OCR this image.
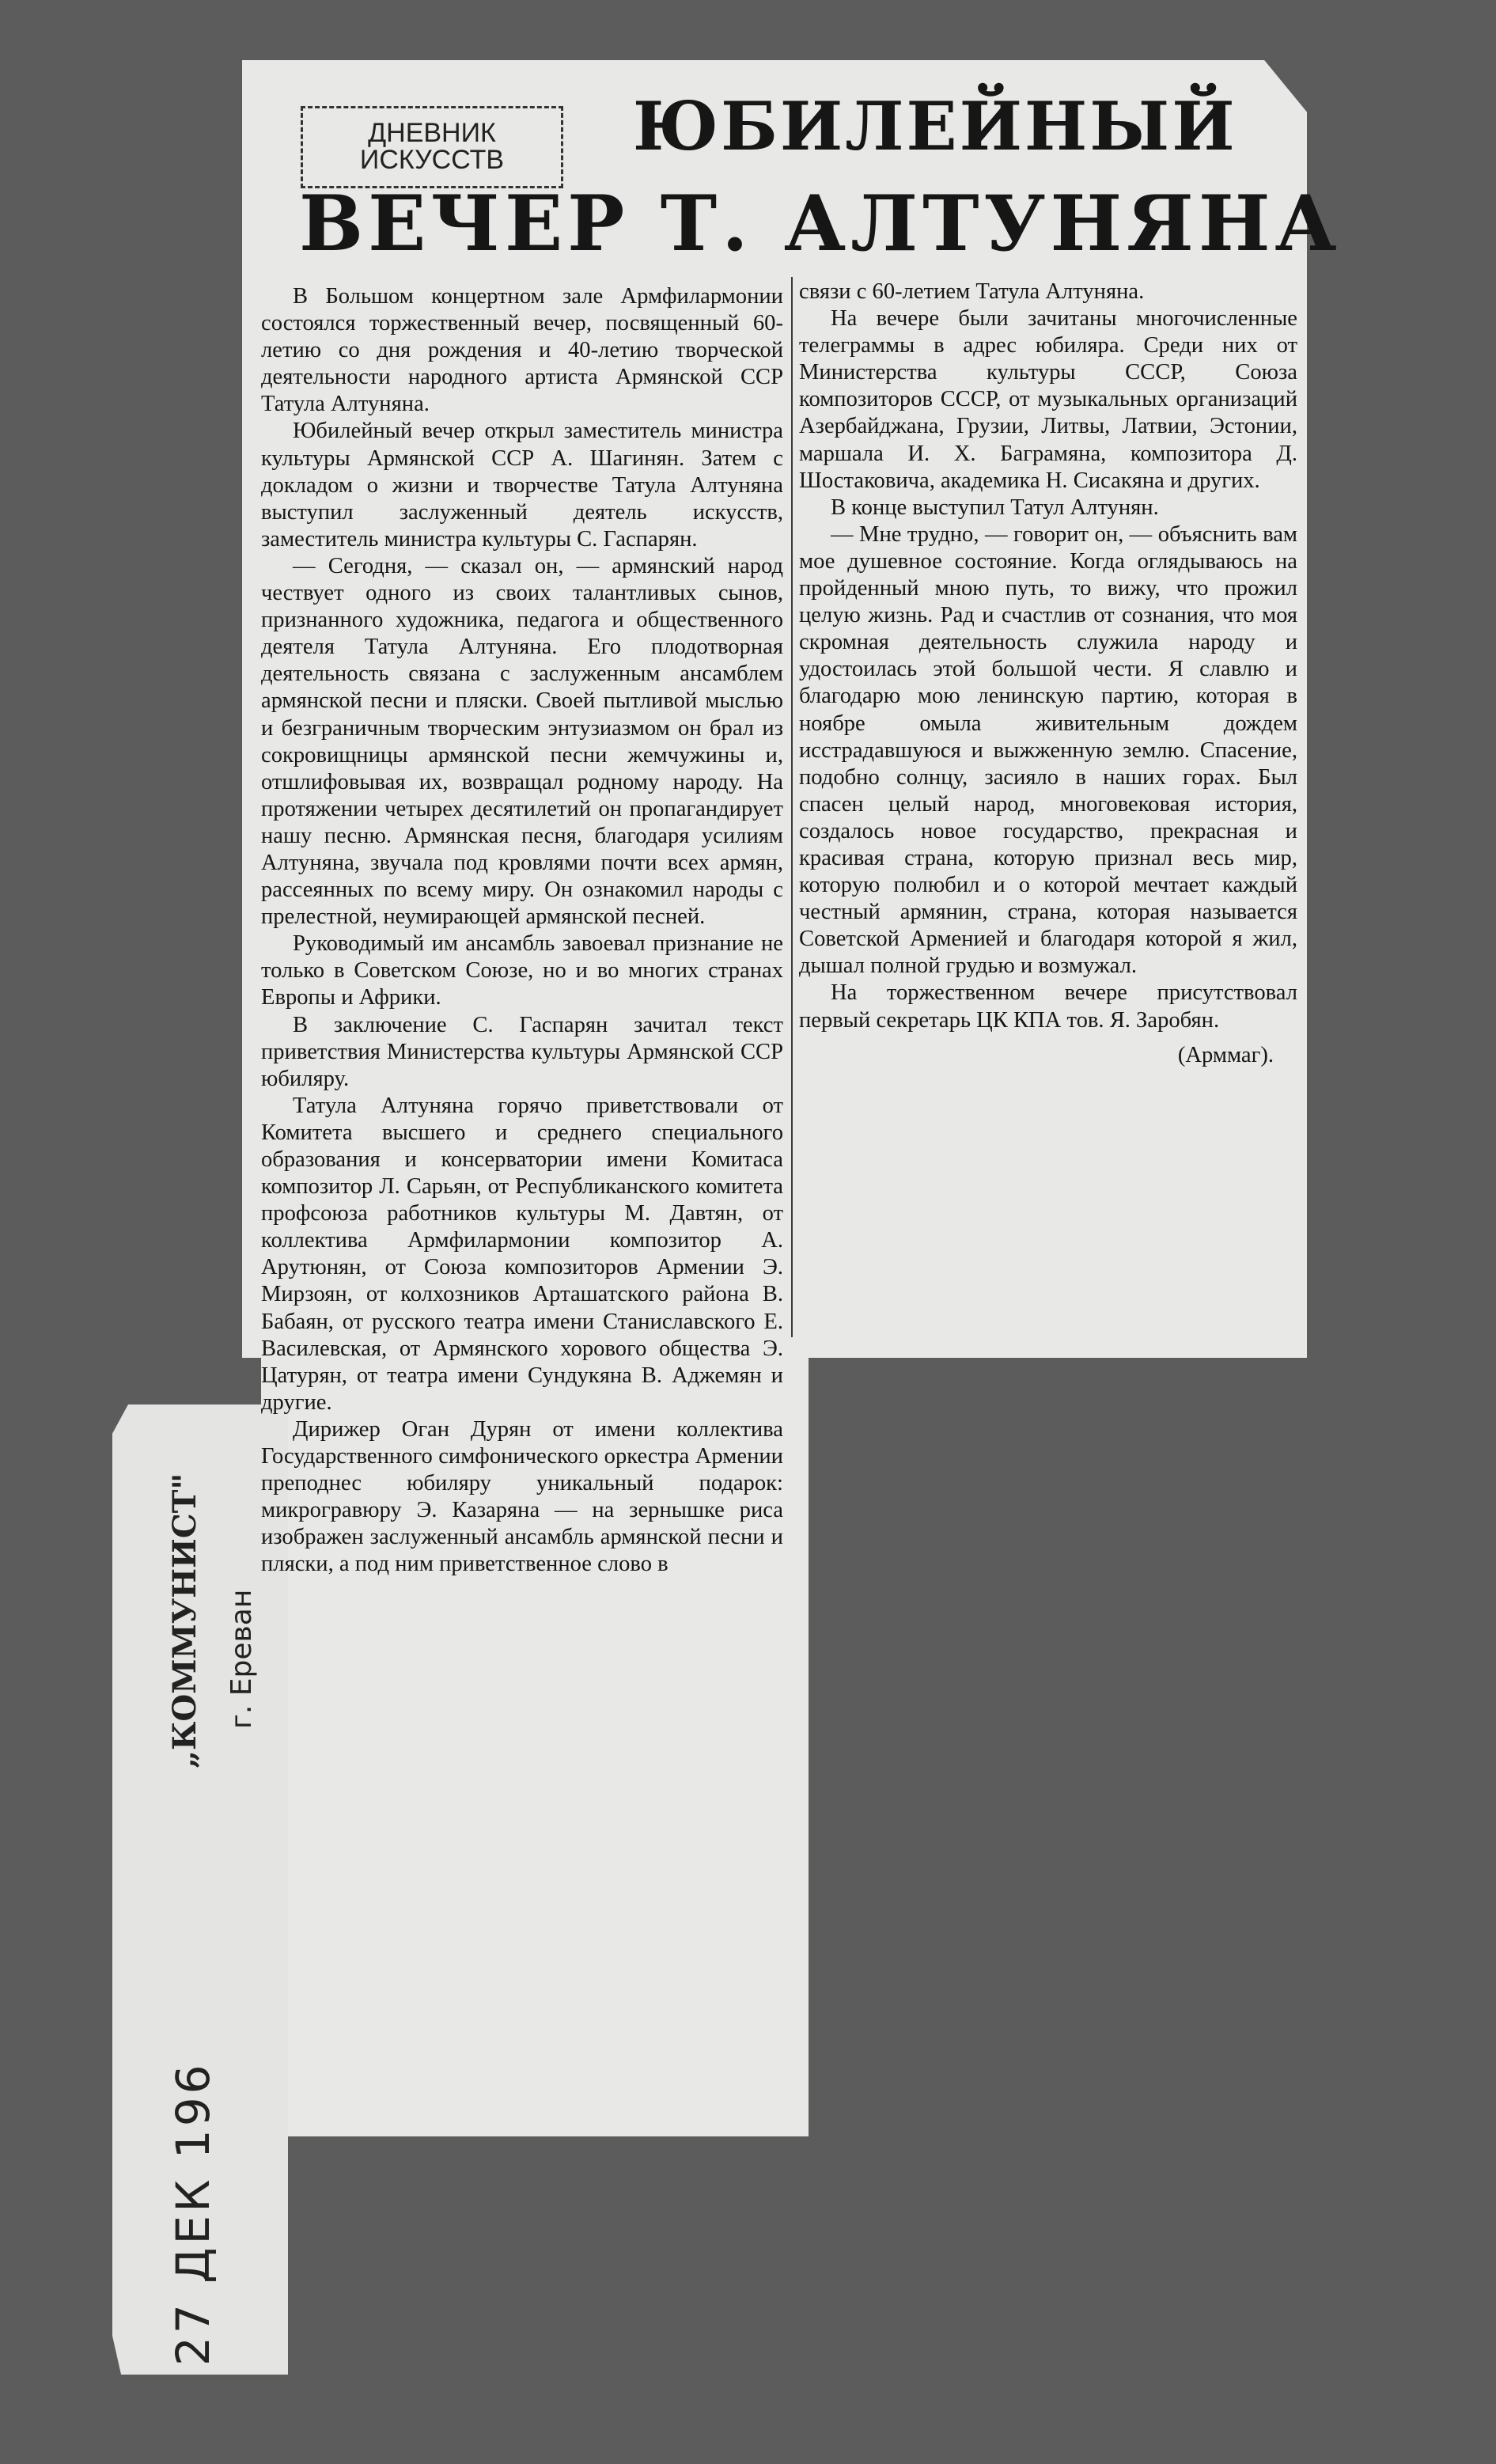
ДНЕВНИК
ИСКУССТВ	ЮБИЛЕЙНЫЙ
ВЕЧЕР Т. АЛТУНЯНА

В Большом концертном зале Армфилармонии состоялся торжественный вечер, посвященный 60-летию со дня рождения и 40-летию творческой деятельности народного артиста Армянской ССР Татула Алтуняна.

Юбилейный вечер открыл заместитель министра культуры Армянской ССР А. Шагинян. Затем с докладом о жизни и творчестве Татула Алтуняна выступил заслуженный деятель искусств, заместитель министра культуры С. Гаспарян.

— Сегодня, — сказал он, — армянский народ чествует одного из своих талантливых сынов, признанного художника, педагога и общественного деятеля Татула Алтуняна. Его плодотворная деятельность связана с заслуженным ансамблем армянской песни и пляски. Своей пытливой мыслью и безграничным творческим энтузиазмом он брал из сокровищницы армянской песни жемчужины и, отшлифовывая их, возвращал родному народу. На протяжении четырех десятилетий он пропагандирует нашу песню. Армянская песня, благодаря усилиям Алтуняна, звучала под кровлями почти всех армян, рассеянных по всему миру. Он ознакомил народы с прелестной, неумирающей армянской песней.

Руководимый им ансамбль завоевал признание не только в Советском Союзе, но и во многих странах Европы и Африки.

В заключение С. Гаспарян зачитал текст приветствия Министерства культуры Армянской ССР юбиляру.

Татула Алтуняна горячо приветствовали от Комитета высшего и среднего специального образования и консерватории имени Комитаса композитор Л. Сарьян, от Республиканского комитета профсоюза работников культуры М. Давтян, от коллектива Армфилармонии композитор А. Арутюнян, от Союза композиторов Армении Э. Мирзоян, от колхозников Арташатского района В. Бабаян, от русского театра имени Станиславского Е. Василевская, от Армянского хорового общества Э. Цатурян, от театра имени Сундукяна В. Аджемян и другие.

Дирижер Оган Дурян от имени коллектива Государственного симфонического оркестра Армении преподнес юбиляру уникальный подарок: микрогравюру Э. Казаряна — на зернышке риса изображен заслуженный ансамбль армянской песни и пляски, а под ним приветственное слово в

связи с 60-летием Татула Алтуняна.

На вечере были зачитаны многочисленные телеграммы в адрес юбиляра. Среди них от Министерства культуры СССР, Союза композиторов СССР, от музыкальных организаций Азербайджана, Грузии, Литвы, Латвии, Эстонии, маршала И. Х. Баграмяна, композитора Д. Шостаковича, академика Н. Сисакяна и других.

В конце выступил Татул Алтунян.

— Мне трудно, — говорит он, — объяснить вам мое душевное состояние. Когда оглядываюсь на пройденный мною путь, то вижу, что прожил целую жизнь. Рад и счастлив от сознания, что моя скромная деятельность служила народу и удостоилась этой большой чести. Я славлю и благодарю мою ленинскую партию, которая в ноябре омыла живительным дождем исстрадавшуюся и выжженную землю. Спасение, подобно солнцу, засияло в наших горах. Был спасен целый народ, многовековая история, создалось новое государство, прекрасная и красивая страна, которую признал весь мир, которую полюбил и о которой мечтает каждый честный армянин, страна, которая называется Советской Арменией и благодаря которой я жил, дышал полной грудью и возмужал.

На торжественном вечере присутствовал первый секретарь ЦК КПА тов. Я. Заробян.

(Арммаг).

„КОММУНИСТ" г. Ереван
27 ДЕК 196
